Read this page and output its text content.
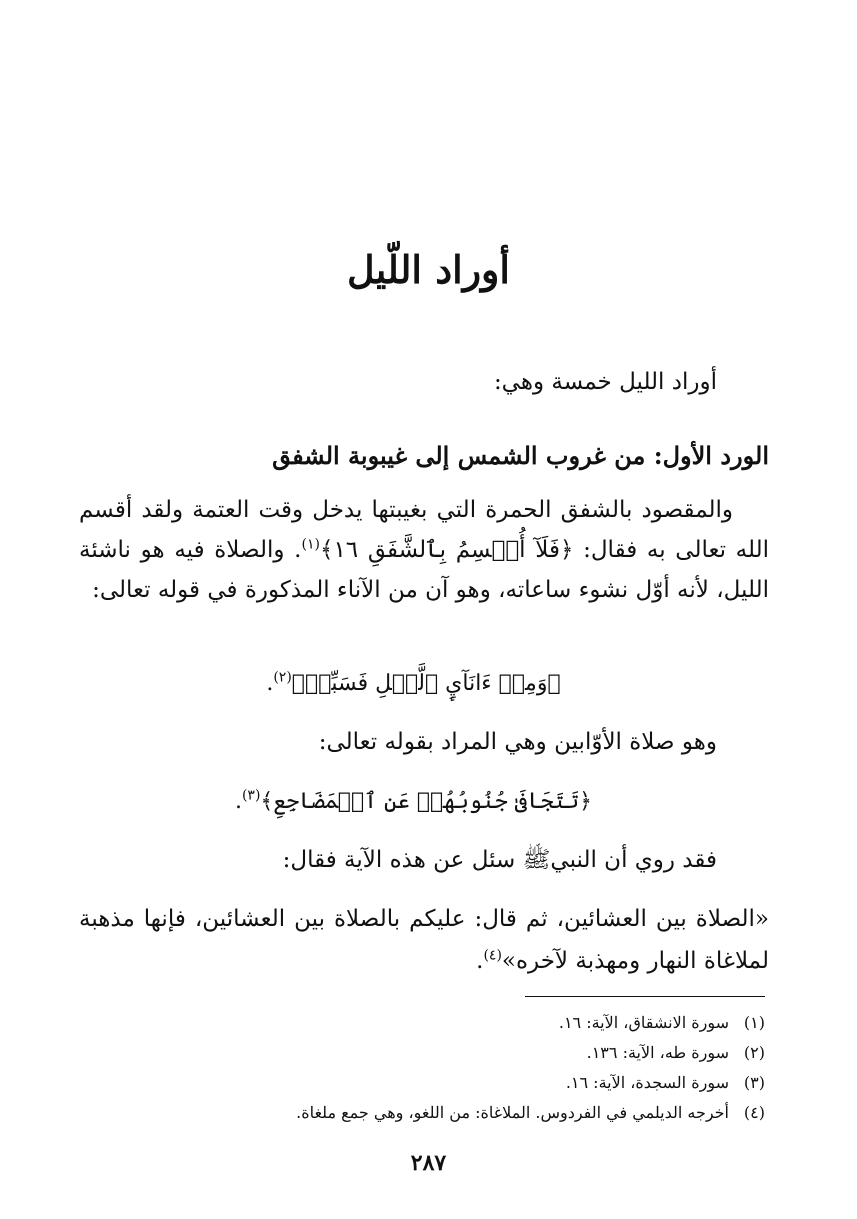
أوراد اللّيل
أوراد الليل خمسة وهي:
الورد الأول: من غروب الشمس إلى غيبوبة الشفق
والمقصود بالشفق الحمرة التي بغيبتها يدخل وقت العتمة ولقد أقسم الله تعالى به فقال: ﴿فَلَآ أُقۡسِمُ بِٱلشَّفَقِ ١٦﴾$^{(١)}$. والصلاة فيه هو ناشئة الليل، لأنه أوّل نشوء ساعاته، وهو آن من الآناء المذكورة في قوله تعالى:
﴿وَمِنۡ ءَانَآيِٕ ٱلَّيۡلِ فَسَبِّحۡ﴾$^{(٢)}$.
وهو صلاة الأوّابين وهي المراد بقوله تعالى:
﴿تَتَجَافَىٰ جُنُوبُهُمۡ عَنِ ٱلۡمَضَاجِعِ﴾$^{(٣)}$.
فقد روي أن النبيﷺ سئل عن هذه الآية فقال:
«الصلاة بين العشائين، ثم قال: عليكم بالصلاة بين العشائين، فإنها مذهبة لملاغاة النهار ومهذبة لآخره»$^{(٤)}$.
(١)سورة الانشقاق، الآية: ١٦.
(٢)سورة طه، الآية: ١٣٦.
(٣)سورة السجدة، الآية: ١٦.
(٤)أخرجه الديلمي في الفردوس. الملاغاة: من اللغو، وهي جمع ملغاة.
٢٨٧
